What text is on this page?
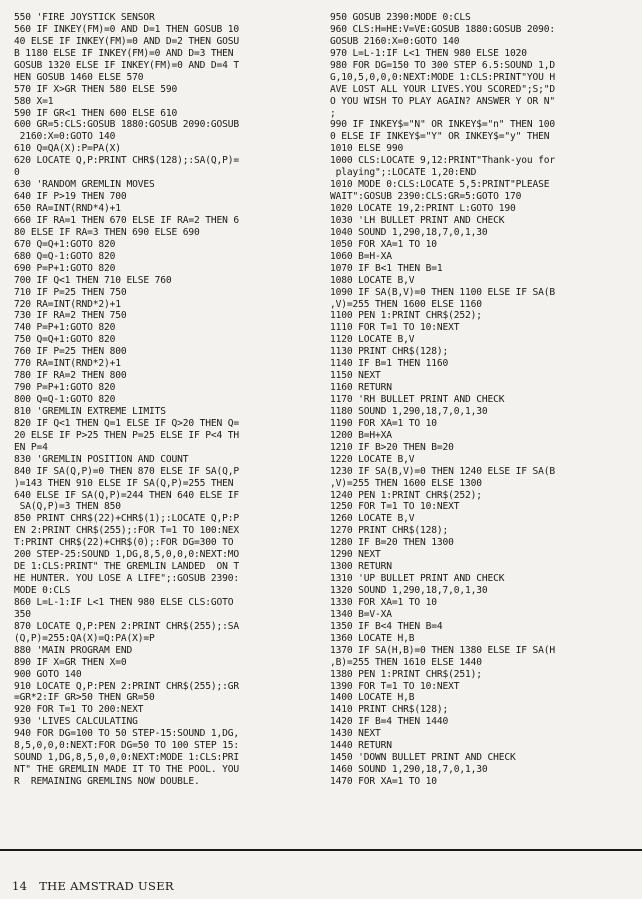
550 'FIRE JOYSTICK SENSOR
560 IF INKEY(FM)=0 AND D=1 THEN GOSUB 10
40 ELSE IF INKEY(FM)=0 AND D=2 THEN GOSU
B 1180 ELSE IF INKEY(FM)=0 AND D=3 THEN
GOSUB 1320 ELSE IF INKEY(FM)=0 AND D=4 T
HEN GOSUB 1460 ELSE 570
570 IF X>GR THEN 580 ELSE 590
580 X=1
590 IF GR<1 THEN 600 ELSE 610
600 GR=5:CLS:GOSUB 1880:GOSUB 2090:GOSUB
2160:X=0:GOTO 140
610 Q=QA(X):P=PA(X)
620 LOCATE Q,P:PRINT CHR$(128);:SA(Q,P)=
0
630 'RANDOM GREMLIN MOVES
640 IF P>19 THEN 700
650 RA=INT(RND*4)+1
660 IF RA=1 THEN 670 ELSE IF RA=2 THEN 6
80 ELSE IF RA=3 THEN 690 ELSE 690
670 Q=Q+1:GOTO 820
680 Q=Q-1:GOTO 820
690 P=P+1:GOTO 820
700 IF Q<1 THEN 710 ELSE 760
710 IF P=25 THEN 750
720 RA=INT(RND*2)+1
730 IF RA=2 THEN 750
740 P=P+1:GOTO 820
750 Q=Q+1:GOTO 820
760 IF P=25 THEN 800
770 RA=INT(RND*2)+1
780 IF RA=2 THEN 800
790 P=P+1:GOTO 820
800 Q=Q-1:GOTO 820
810 'GREMLIN EXTREME LIMITS
820 IF Q<1 THEN Q=1 ELSE IF Q>20 THEN Q=
20 ELSE IF P>25 THEN P=25 ELSE IF P<4 TH
EN P=4
830 'GREMLIN POSITION AND COUNT
840 IF SA(Q,P)=0 THEN 870 ELSE IF SA(Q,P
)=143 THEN 910 ELSE IF SA(Q,P)=255 THEN
640 ELSE IF SA(Q,P)=244 THEN 640 ELSE IF
SA(Q,P)=3 THEN 850
850 PRINT CHR$(22)+CHR$(1);:LOCATE Q,P:P
EN 2:PRINT CHR$(255);:FOR T=1 TO 100:NEX
T:PRINT CHR$(22)+CHR$(0);:FOR DG=300 TO
200 STEP-25:SOUND 1,DG,8,5,0,0,0:NEXT:MO
DE 1:CLS:PRINT" THE GREMLIN LANDED  ON T
HE HUNTER. YOU LOSE A LIFE";:GOSUB 2390:
MODE 0:CLS
860 L=L-1:IF L<1 THEN 980 ELSE CLS:GOTO
350
870 LOCATE Q,P:PEN 2:PRINT CHR$(255);:SA
(Q,P)=255:QA(X)=Q:PA(X)=P
880 'MAIN PROGRAM END
890 IF X=GR THEN X=0
900 GOTO 140
910 LOCATE Q,P:PEN 2:PRINT CHR$(255);:GR
=GR*2:IF GR>50 THEN GR=50
920 FOR T=1 TO 200:NEXT
930 'LIVES CALCULATING
940 FOR DG=100 TO 50 STEP-15:SOUND 1,DG,
8,5,0,0,0:NEXT:FOR DG=50 TO 100 STEP 15:
SOUND 1,DG,8,5,0,0,0:NEXT:MODE 1:CLS:PRI
NT" THE GREMLIN MADE IT TO THE POOL. YOU
R  REMAINING GREMLINS NOW DOUBLE.
950 GOSUB 2390:MODE 0:CLS
960 CLS:H=HE:V=VE:GOSUB 1880:GOSUB 2090:
GOSUB 2160:X=0:GOTO 140
970 L=L-1:IF L<1 THEN 980 ELSE 1020
980 FOR DG=150 TO 300 STEP 6.5:SOUND 1,D
G,10,5,0,0,0:NEXT:MODE 1:CLS:PRINT"YOU H
AVE LOST ALL YOUR LIVES.YOU SCORED";S;"D
O YOU WISH TO PLAY AGAIN? ANSWER Y OR N"
;
990 IF INKEY$="N" OR INKEY$="n" THEN 100
0 ELSE IF INKEY$="Y" OR INKEY$="y" THEN
1010 ELSE 990
1000 CLS:LOCATE 9,12:PRINT"Thank-you for
playing";:LOCATE 1,20:END
1010 MODE 0:CLS:LOCATE 5,5:PRINT"PLEASE
WAIT":GOSUB 2390:CLS:GR=5:GOTO 170
1020 LOCATE 19,2:PRINT L:GOTO 190
1030 'LH BULLET PRINT AND CHECK
1040 SOUND 1,290,18,7,0,1,30
1050 FOR XA=1 TO 10
1060 B=H-XA
1070 IF B<1 THEN B=1
1080 LOCATE B,V
1090 IF SA(B,V)=0 THEN 1100 ELSE IF SA(B
,V)=255 THEN 1600 ELSE 1160
1100 PEN 1:PRINT CHR$(252);
1110 FOR T=1 TO 10:NEXT
1120 LOCATE B,V
1130 PRINT CHR$(128);
1140 IF B=1 THEN 1160
1150 NEXT
1160 RETURN
1170 'RH BULLET PRINT AND CHECK
1180 SOUND 1,290,18,7,0,1,30
1190 FOR XA=1 TO 10
1200 B=H+XA
1210 IF B>20 THEN B=20
1220 LOCATE B,V
1230 IF SA(B,V)=0 THEN 1240 ELSE IF SA(B
,V)=255 THEN 1600 ELSE 1300
1240 PEN 1:PRINT CHR$(252);
1250 FOR T=1 TO 10:NEXT
1260 LOCATE B,V
1270 PRINT CHR$(128);
1280 IF B=20 THEN 1300
1290 NEXT
1300 RETURN
1310 'UP BULLET PRINT AND CHECK
1320 SOUND 1,290,18,7,0,1,30
1330 FOR XA=1 TO 10
1340 B=V-XA
1350 IF B<4 THEN B=4
1360 LOCATE H,B
1370 IF SA(H,B)=0 THEN 1380 ELSE IF SA(H
,B)=255 THEN 1610 ELSE 1440
1380 PEN 1:PRINT CHR$(251);
1390 FOR T=1 TO 10:NEXT
1400 LOCATE H,B
1410 PRINT CHR$(128);
1420 IF B=4 THEN 1440
1430 NEXT
1440 RETURN
1450 'DOWN BULLET PRINT AND CHECK
1460 SOUND 1,290,18,7,0,1,30
1470 FOR XA=1 TO 10
14 THE AMSTRAD USER
